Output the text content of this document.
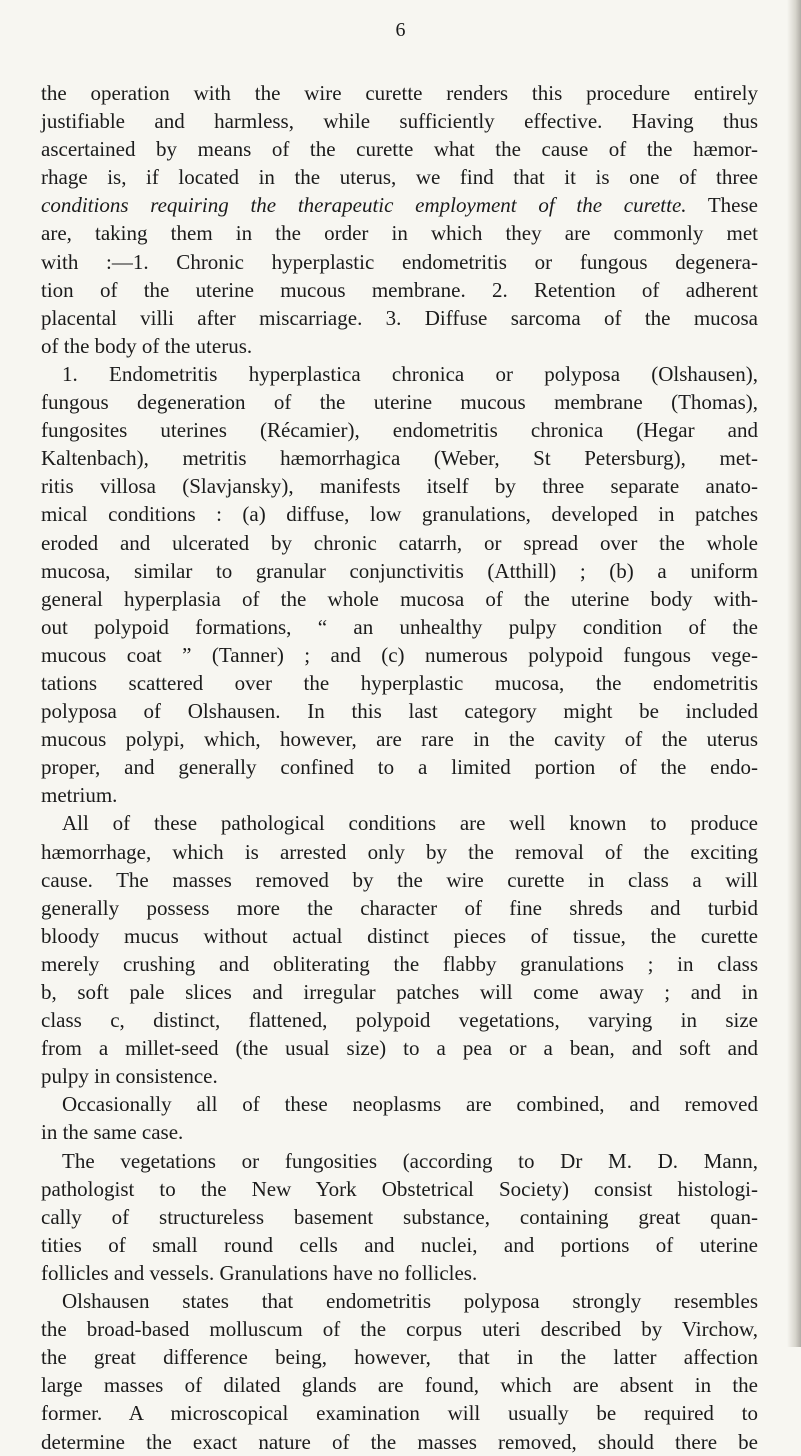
6
the operation with the wire curette renders this procedure entirely
justifiable and harmless, while sufficiently effective. Having thus
ascertained by means of the curette what the cause of the hæmor-
rhage is, if located in the uterus, we find that it is one of three
conditions requiring the therapeutic employment of the curette. These
are, taking them in the order in which they are commonly met
with :—1. Chronic hyperplastic endometritis or fungous degenera-
tion of the uterine mucous membrane. 2. Retention of adherent
placental villi after miscarriage. 3. Diffuse sarcoma of the mucosa
of the body of the uterus.
1. Endometritis hyperplastica chronica or polyposa (Olshausen),
fungous degeneration of the uterine mucous membrane (Thomas),
fungosites uterines (Récamier), endometritis chronica (Hegar and
Kaltenbach), metritis hæmorrhagica (Weber, St Petersburg), met-
ritis villosa (Slavjansky), manifests itself by three separate anato-
mical conditions : (a) diffuse, low granulations, developed in patches
eroded and ulcerated by chronic catarrh, or spread over the whole
mucosa, similar to granular conjunctivitis (Atthill) ; (b) a uniform
general hyperplasia of the whole mucosa of the uterine body with-
out polypoid formations, “ an unhealthy pulpy condition of the
mucous coat ” (Tanner) ; and (c) numerous polypoid fungous vege-
tations scattered over the hyperplastic mucosa, the endometritis
polyposa of Olshausen. In this last category might be included
mucous polypi, which, however, are rare in the cavity of the uterus
proper, and generally confined to a limited portion of the endo-
metrium.
All of these pathological conditions are well known to produce
hæmorrhage, which is arrested only by the removal of the exciting
cause. The masses removed by the wire curette in class a will
generally possess more the character of fine shreds and turbid
bloody mucus without actual distinct pieces of tissue, the curette
merely crushing and obliterating the flabby granulations ; in class
b, soft pale slices and irregular patches will come away ; and in
class c, distinct, flattened, polypoid vegetations, varying in size
from a millet-seed (the usual size) to a pea or a bean, and soft and
pulpy in consistence.
Occasionally all of these neoplasms are combined, and removed
in the same case.
The vegetations or fungosities (according to Dr M. D. Mann,
pathologist to the New York Obstetrical Society) consist histologi-
cally of structureless basement substance, containing great quan-
tities of small round cells and nuclei, and portions of uterine
follicles and vessels. Granulations have no follicles.
Olshausen states that endometritis polyposa strongly resembles
the broad-based molluscum of the corpus uteri described by Virchow,
the great difference being, however, that in the latter affection
large masses of dilated glands are found, which are absent in the
former. A microscopical examination will usually be required to
determine the exact nature of the masses removed, should there be
